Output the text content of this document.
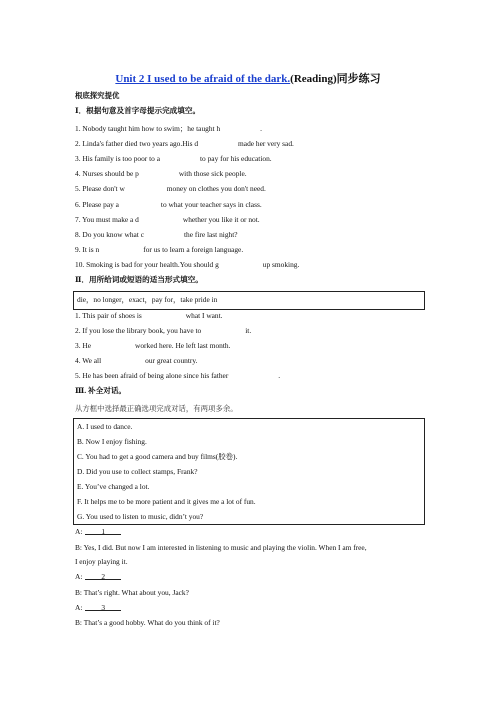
Unit 2 I used to be afraid of the dark.(Reading)同步练习
根底探究提优
Ⅰ．根据句意及首字母提示完成填空。
1. Nobody taught him how to swim；he taught h	.
2. Linda's father died two years ago.His d	made her very sad.
3. His family is too poor to a	to pay for his education.
4. Nurses should be p	with those sick people.
5. Please don't w	money on clothes you don't need.
6. Please pay a	to what your teacher says in class.
7. You must make a d	whether you like it or not.
8. Do you know what c	the fire last night?
9. It is n	for us to learn a foreign language.
10. Smoking is bad for your health.You should g	up smoking.
Ⅱ．用所给词或短语的适当形式填空。
die，no longer，exact，pay for，take pride in
1. This pair of shoes is	what I want.
2. If you lose the library book, you have to	it.
3. He	worked here. He left last month.
4. We all	our great country.
5. He has been afraid of being alone since his father	.
Ⅲ. 补全对话。
从方框中选择最正确选项完成对话，有两项多余。
A. I used to dance.
B. Now I enjoy fishing.
C. You had to get a good camera and buy films(胶卷).
D. Did you use to collect stamps, Frank?
E. You’ve changed a lot.
F. It helps me to be more patient and it gives me a lot of fun.
G. You used to listen to music, didn’t you?
A:	1
B: Yes, I did. But now I am interested in listening to music and playing the violin. When I am free,
I enjoy playing it.
A:	2
B: That’s right. What about you, Jack?
A:	3
B: That’s a good hobby. What do you think of it?
